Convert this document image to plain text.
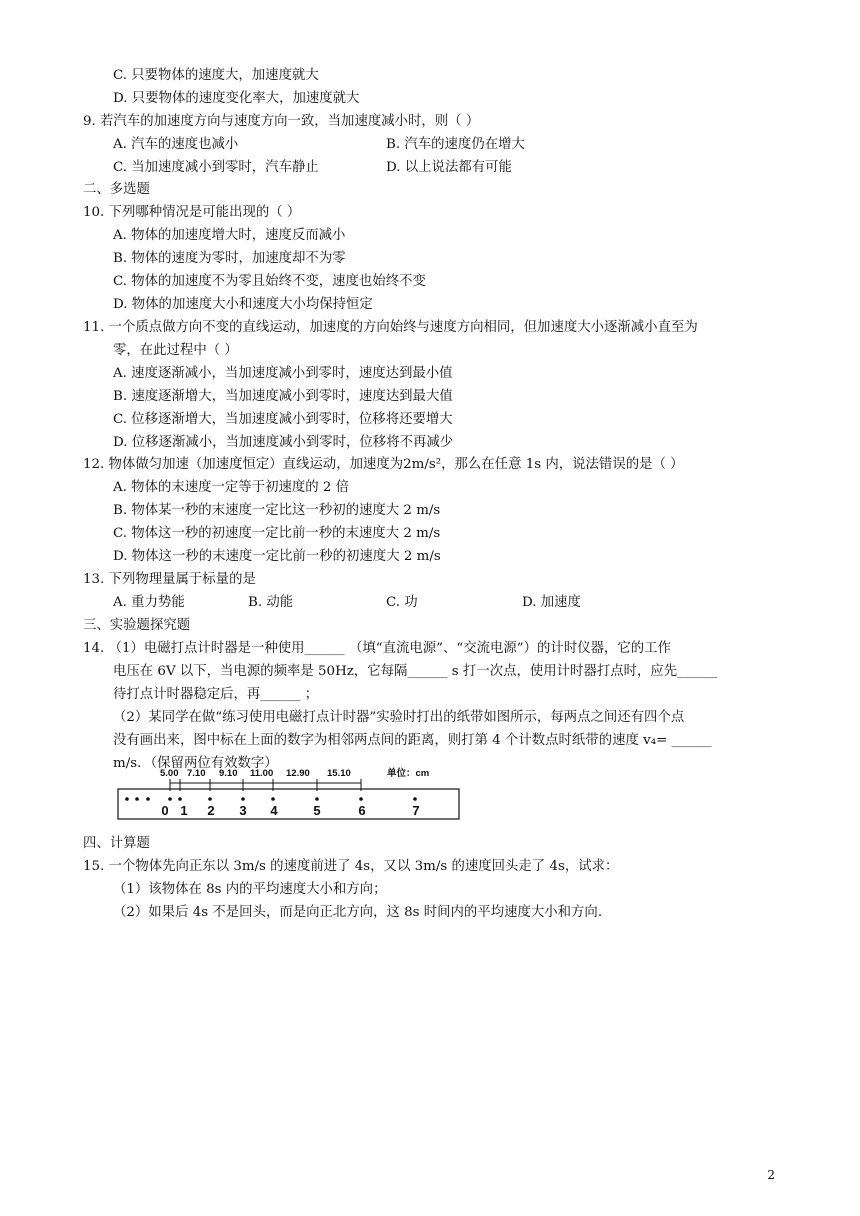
C. 只要物体的速度大，加速度就大
D. 只要物体的速度变化率大，加速度就大
9. 若汽车的加速度方向与速度方向一致，当加速度减小时，则（ ）
A. 汽车的速度也减小	B. 汽车的速度仍在增大
C. 当加速度减小到零时，汽车静止	D. 以上说法都有可能
二、多选题
10. 下列哪种情况是可能出现的（ ）
A. 物体的加速度增大时，速度反而减小
B. 物体的速度为零时，加速度却不为零
C. 物体的加速度不为零且始终不变，速度也始终不变
D. 物体的加速度大小和速度大小均保持恒定
11. 一个质点做方向不变的直线运动，加速度的方向始终与速度方向相同，但加速度大小逐渐减小直至为
零，在此过程中（ ）
A. 速度逐渐减小，当加速度减小到零时，速度达到最小值
B. 速度逐渐增大，当加速度减小到零时，速度达到最大值
C. 位移逐渐增大，当加速度减小到零时，位移将还要增大
D. 位移逐渐减小，当加速度减小到零时，位移将不再减少
12. 物体做匀加速（加速度恒定）直线运动，加速度为2m/s²，那么在任意 1s 内，说法错误的是（ ）
A. 物体的末速度一定等于初速度的 2 倍
B. 物体某一秒的末速度一定比这一秒初的速度大 2 m/s
C. 物体这一秒的初速度一定比前一秒的末速度大 2 m/s
D. 物体这一秒的末速度一定比前一秒的初速度大 2 m/s
13. 下列物理量属于标量的是
A. 重力势能	B. 动能	C. 功	D. 加速度
三、实验题探究题
14. （1）电磁打点计时器是一种使用______ （填“直流电源”、“交流电源”）的计时仪器，它的工作
电压在 6V 以下，当电源的频率是 50Hz，它每隔______ s 打一次点，使用计时器打点时，应先______
待打点计时器稳定后，再______ ；
（2）某同学在做“练习使用电磁打点计时器”实验时打出的纸带如图所示，每两点之间还有四个点
没有画出来，图中标在上面的数字为相邻两点间的距离，则打第 4 个计数点时纸带的速度 v₄= ______
m/s．（保留两位有效数字）
5.00 7.10 9.10 11.00 12.90 15.10	单位：cm
0 1 2 3 4	5	6	7
四、计算题
15. 一个物体先向正东以 3m/s 的速度前进了 4s，又以 3m/s 的速度回头走了 4s，试求：
（1）该物体在 8s 内的平均速度大小和方向；
（2）如果后 4s 不是回头，而是向正北方向，这 8s 时间内的平均速度大小和方向.
2
